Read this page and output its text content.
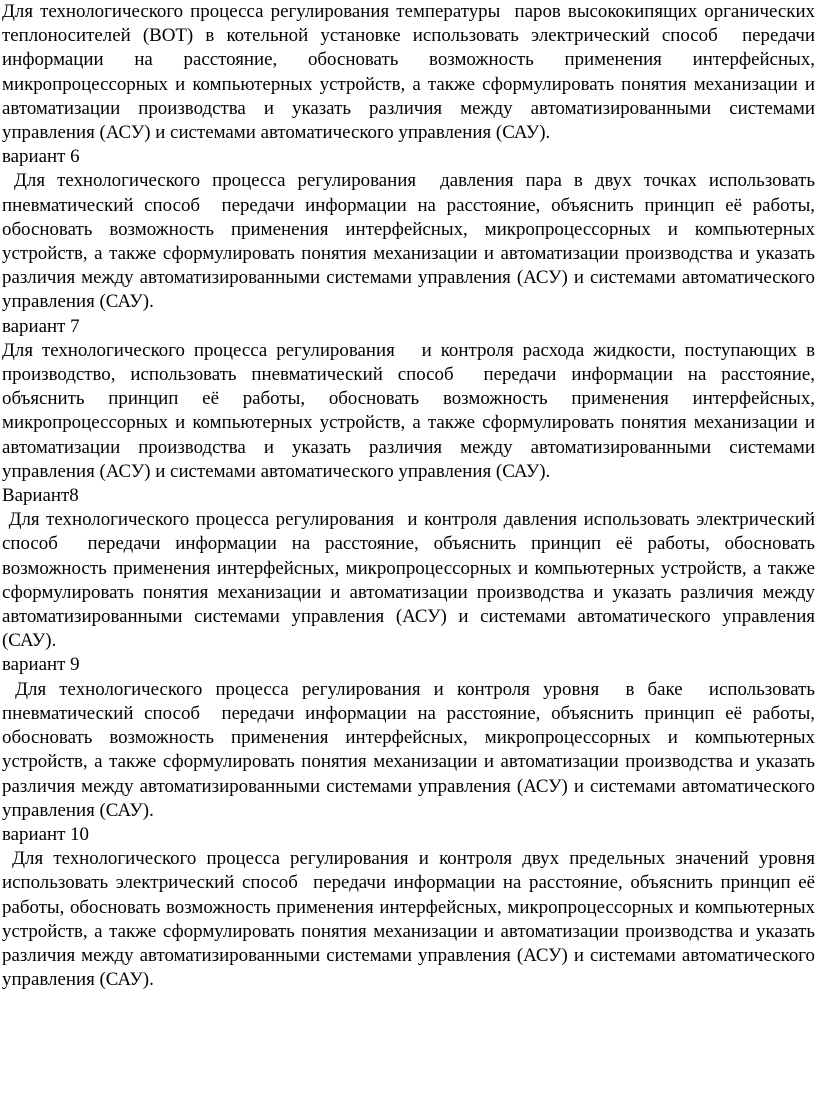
Для технологического процесса регулирования температуры  паров высококипящих органических теплоносителей (ВОТ) в котельной установке использовать электрический способ  передачи информации на расстояние, обосновать возможность применения интерфейсных, микропроцессорных и компьютерных устройств, а также сформулировать понятия механизации и автоматизации производства и указать различия между автоматизированными системами управления (АСУ) и системами автоматического управления (САУ).

вариант 6

Для технологического процесса регулирования  давления пара в двух точках использовать пневматический способ  передачи информации на расстояние, объяснить принцип её работы, обосновать возможность применения интерфейсных, микропроцессорных и компьютерных устройств, а также сформулировать понятия механизации и автоматизации производства и указать различия между автоматизированными системами управления (АСУ) и системами автоматического управления (САУ).

вариант 7

Для технологического процесса регулирования   и контроля расхода жидкости, поступающих в производство, использовать пневматический способ  передачи информации на расстояние, объяснить принцип её работы, обосновать возможность применения интерфейсных, микропроцессорных и компьютерных устройств, а также сформулировать понятия механизации и автоматизации производства и указать различия между автоматизированными системами управления (АСУ) и системами автоматического управления (САУ).

Вариант8

Для технологического процесса регулирования  и контроля давления использовать электрический способ  передачи информации на расстояние, объяснить принцип её работы, обосновать возможность применения интерфейсных, микропроцессорных и компьютерных устройств, а также сформулировать понятия механизации и автоматизации производства и указать различия между автоматизированными системами управления (АСУ) и системами автоматического управления (САУ).

вариант 9

Для технологического процесса регулирования и контроля уровня  в баке  использовать пневматический способ  передачи информации на расстояние, объяснить принцип её работы, обосновать возможность применения интерфейсных, микропроцессорных и компьютерных устройств, а также сформулировать понятия механизации и автоматизации производства и указать различия между автоматизированными системами управления (АСУ) и системами автоматического управления (САУ).

вариант 10

Для технологического процесса регулирования и контроля двух предельных значений уровня использовать электрический способ  передачи информации на расстояние, объяснить принцип её работы, обосновать возможность применения интерфейсных, микропроцессорных и компьютерных устройств, а также сформулировать понятия механизации и автоматизации производства и указать различия между автоматизированными системами управления (АСУ) и системами автоматического управления (САУ).
